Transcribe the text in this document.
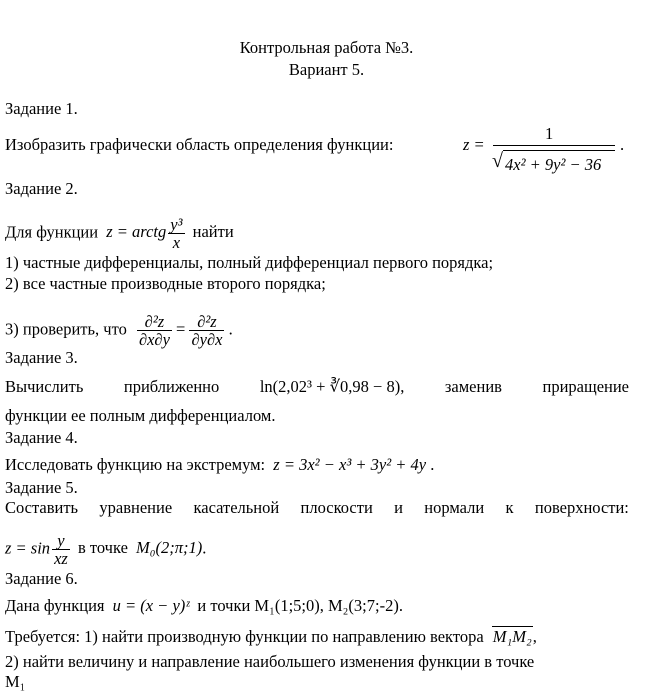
Контрольная работа №3.
Вариант 5.
Задание 1.
Изобразить графически область определения функции:	z =
1
√ 4x² + 9y² − 36
.
Задание 2.
Для функции z = arctg $\frac{\text{y³}}{x}$ найти
1) частные дифференциалы, полный дифференциал первого порядка;
2) все частные производные второго порядка;
3) проверить, что $\frac{\text{∂²z}}{\partial x\partial y} = \frac{\text{∂²z}}{\partial y\partial x}$ .
Задание 3.
Вычислить приближенно ln(2,02³ + ∛0,98 − 8), заменив приращение
функции ее полным дифференциалом.
Задание 4.
Исследовать функцию на экстремум: z = 3x² − x³ + 3y² + 4y .
Задание 5.
Составить уравнение касательной плоскости и нормали к поверхности:
$z = \sin \frac{y}{xz}$ в точке M₀(2;π;1).
Задание 6.
Дана функция u = (x − y)ᶻ и точки M₁(1;5;0), M₂(3;7;-2).
Требуется: 1) найти производную функции по направлению вектора M₁M₂,
2) найти величину и направление наибольшего изменения функции в точке
M₁
